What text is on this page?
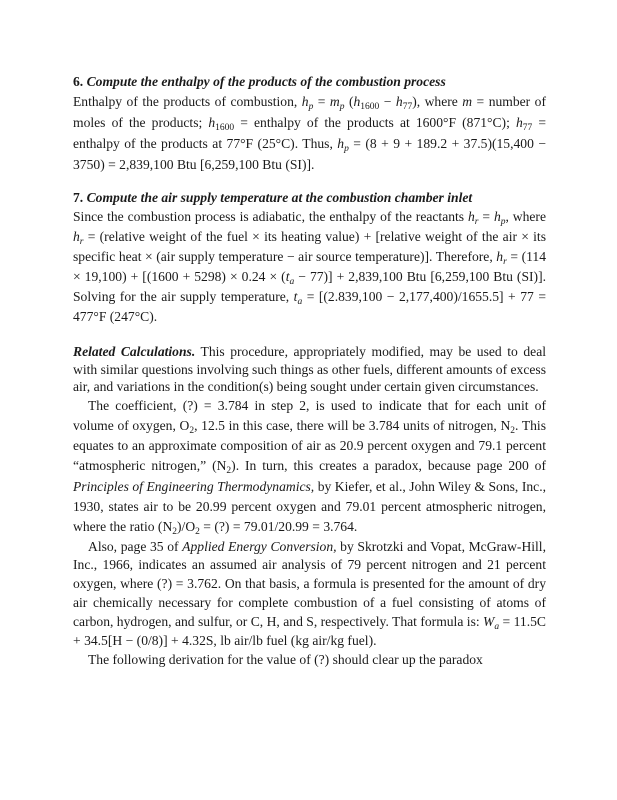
6. Compute the enthalpy of the products of the combustion process

Enthalpy of the products of combustion, $h_p = m_p$ $(h_{1600} - h_{77})$, where m = number of moles of the products; $h_{1600}$ = enthalpy of the products at 1600°F (871°C); $h_{77}$ = enthalpy of the products at 77°F (25°C). Thus, $h_p = (8 + 9 + 189.2 + 37.5)(15,400 - 3750) = 2,839,100$ Btu [6,259,100 Btu (SI)].

7. Compute the air supply temperature at the combustion chamber inlet

Since the combustion process is adiabatic, the enthalpy of the reactants $h_r = h_p$, where $h_r$ = (relative weight of the fuel × its heating value) + [relative weight of the air × its specific heat × (air supply temperature − air source temperature)]. Therefore, $h_r = (114 \times 19,100) + [(1600 + 5298) \times 0.24 \times (t_a - 77)] + 2,839,100$ Btu [6,259,100 Btu (SI)]. Solving for the air supply temperature, $t_a = [(2.839,100 - 2,177,400)/1655.5] + 77 = 477^\circ F$ (247°C).

Related Calculations. This procedure, appropriately modified, may be used to deal with similar questions involving such things as other fuels, different amounts of excess air, and variations in the condition(s) being sought under certain given circumstances.

The coefficient, (?) = 3.784 in step 2, is used to indicate that for each unit of volume of oxygen, $O_2$, 12.5 in this case, there will be 3.784 units of nitrogen, $N_2$. This equates to an approximate composition of air as 20.9 percent oxygen and 79.1 percent “atmospheric nitrogen,” $(N_2)$. In turn, this creates a paradox, because page 200 of Principles of Engineering Thermodynamics, by Kiefer, et al., John Wiley & Sons, Inc., 1930, states air to be 20.99 percent oxygen and 79.01 percent atmospheric nitrogen, where the ratio $(N_2)/O_2$ = (?) = 79.01/20.99 = 3.764.

Also, page 35 of Applied Energy Conversion, by Skrotzki and Vopat, McGraw-Hill, Inc., 1966, indicates an assumed air analysis of 79 percent nitrogen and 21 percent oxygen, where (?) = 3.762. On that basis, a formula is presented for the amount of dry air chemically necessary for complete combustion of a fuel consisting of atoms of carbon, hydrogen, and sulfur, or C, H, and S, respectively. That formula is: $W_a = 11.5C + 34.5[H - (0/8)] + 4.32S$, lb air/lb fuel (kg air/kg fuel).

The following derivation for the value of (?) should clear up the paradox
